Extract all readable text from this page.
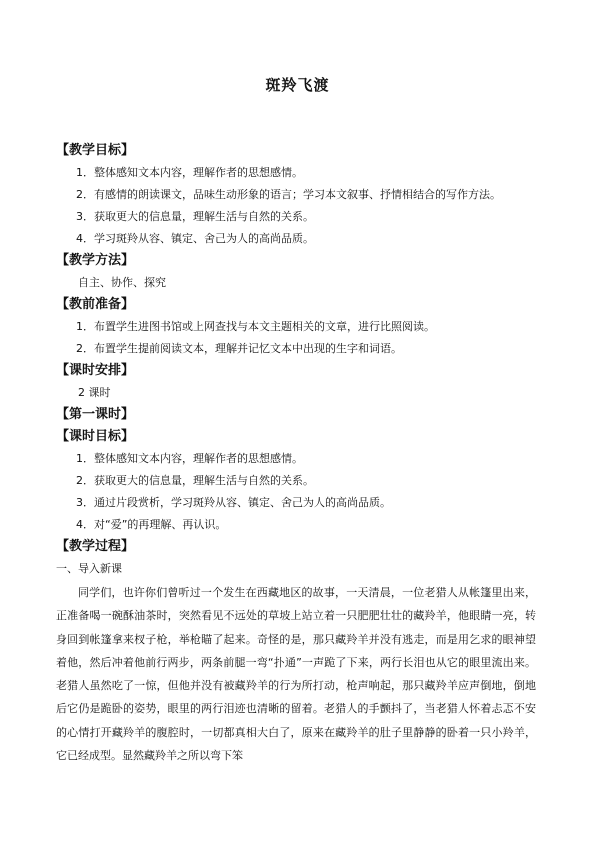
斑羚飞渡
【教学目标】
1．整体感知文本内容，理解作者的思想感情。
2．有感情的朗读课文，品味生动形象的语言；学习本文叙事、抒情相结合的写作方法。
3．获取更大的信息量，理解生活与自然的关系。
4．学习斑羚从容、镇定、舍己为人的高尚品质。
【教学方法】
自主、协作、探究
【教前准备】
1．布置学生进图书馆或上网查找与本文主题相关的文章，进行比照阅读。
2．布置学生提前阅读文本，理解并记忆文本中出现的生字和词语。
【课时安排】
2 课时
【第一课时】
【课时目标】
1．整体感知文本内容，理解作者的思想感情。
2．获取更大的信息量，理解生活与自然的关系。
3．通过片段赏析，学习斑羚从容、镇定、舍己为人的高尚品质。
4．对“爱”的再理解、再认识。
【教学过程】
一、导入新课
同学们，也许你们曾听过一个发生在西藏地区的故事，一天清晨，一位老猎人从帐篷里出来，正准备喝一碗酥油茶时，突然看见不远处的草坡上站立着一只肥肥壮壮的藏羚羊，他眼睛一亮，转身回到帐篷拿来杈子枪，举枪瞄了起来。奇怪的是，那只藏羚羊并没有逃走，而是用乞求的眼神望着他，然后冲着他前行两步，两条前腿一弯“扑通”一声跪了下来，两行长泪也从它的眼里流出来。老猎人虽然吃了一惊，但他并没有被藏羚羊的行为所打动，枪声响起，那只藏羚羊应声倒地，倒地后它仍是跪卧的姿势，眼里的两行泪迹也清晰的留着。老猎人的手颤抖了，当老猎人怀着忐忑不安的心情打开藏羚羊的腹腔时，一切都真相大白了，原来在藏羚羊的肚子里静静的卧着一只小羚羊，它已经成型。显然藏羚羊之所以弯下笨
